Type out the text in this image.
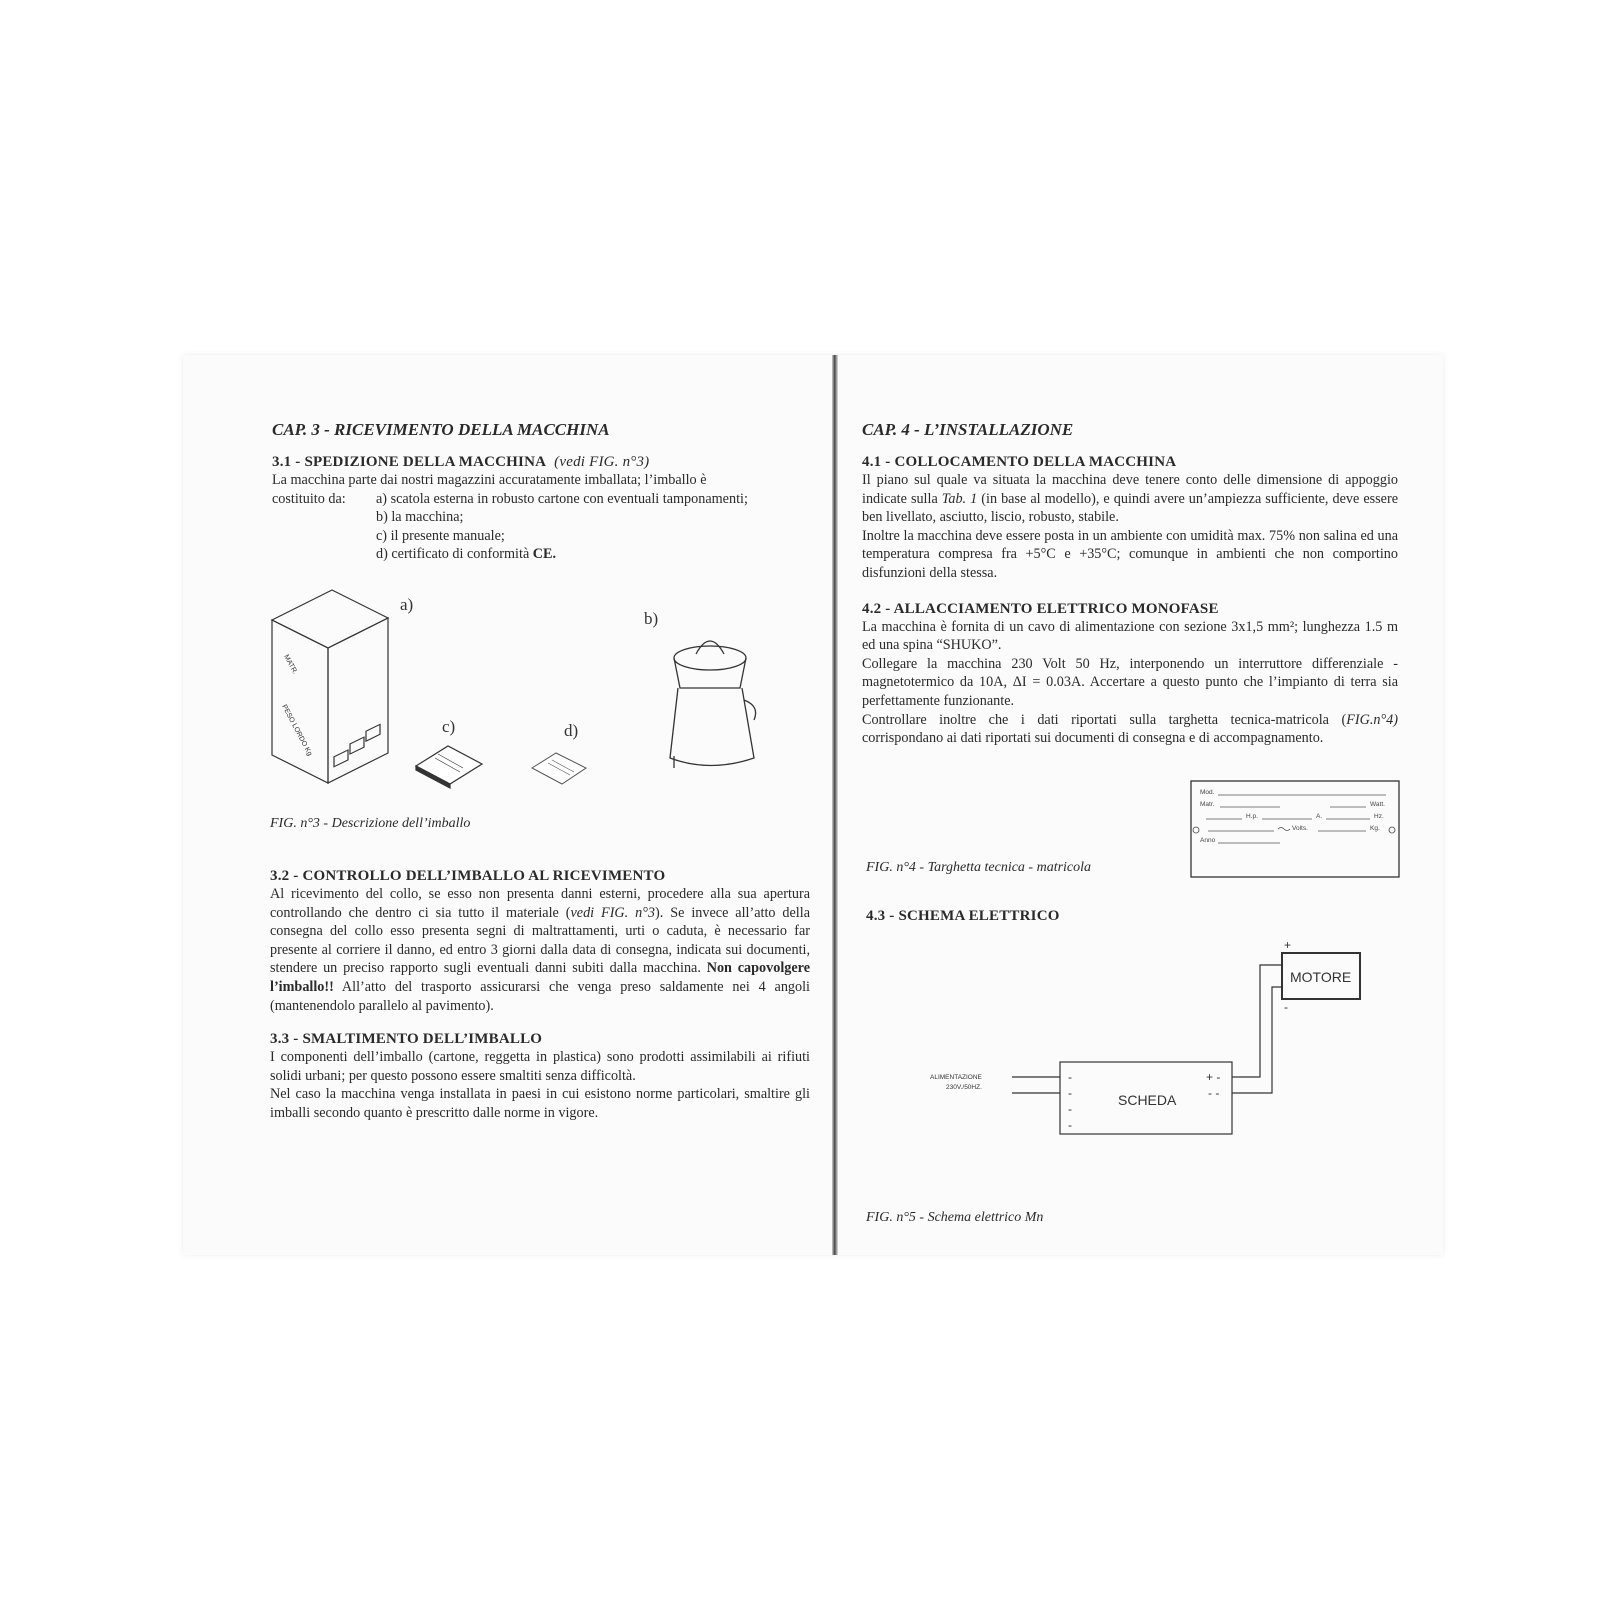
CAP. 3 - RICEVIMENTO DELLA MACCHINA
3.1 - SPEDIZIONE DELLA MACCHINA (vedi FIG. n°3)

La macchina parte dai nostri magazzini accuratamente imballata; l’imballo è

costituito da:	a) scatola esterna in robusto cartone con eventuali tamponamenti;
b) la macchina;
c) il presente manuale;
d) certificato di conformità CE.
MATR.
PESO LORDO Kg
a)
c)	d)
b)
FIG. n°3 - Descrizione dell’imballo
3.2 - CONTROLLO DELL’IMBALLO AL RICEVIMENTO

Al ricevimento del collo, se esso non presenta danni esterni, procedere alla sua apertura controllando che dentro ci sia tutto il materiale (vedi FIG. n°3). Se invece all’atto della consegna del collo esso presenta segni di maltrattamenti, urti o caduta, è necessario far presente al corriere il danno, ed entro 3 giorni dalla data di consegna, indicata sui documenti, stendere un preciso rapporto sugli eventuali danni subiti dalla macchina. Non capovolgere l’imballo!! All’atto del trasporto assicurarsi che venga preso saldamente nei 4 angoli (mantenendolo parallelo al pavimento).

3.3 - SMALTIMENTO DELL’IMBALLO

I componenti dell’imballo (cartone, reggetta in plastica) sono prodotti assimilabili ai rifiuti solidi urbani; per questo possono essere smaltiti senza difficoltà.

Nel caso la macchina venga installata in paesi in cui esistono norme particolari, smaltire gli imballi secondo quanto è prescritto dalle norme in vigore.

CAP. 4 - L’INSTALLAZIONE
4.1 - COLLOCAMENTO DELLA MACCHINA

Il piano sul quale va situata la macchina deve tenere conto delle dimensione di appoggio indicate sulla Tab. 1 (in base al modello), e quindi avere un’ampiezza sufficiente, deve essere ben livellato, asciutto, liscio, robusto, stabile.

Inoltre la macchina deve essere posta in un ambiente con umidità max. 75% non salina ed una temperatura compresa fra +5°C e +35°C; comunque in ambienti che non comportino disfunzioni della stessa.

4.2 - ALLACCIAMENTO ELETTRICO MONOFASE

La macchina è fornita di un cavo di alimentazione con sezione 3x1,5 mm²; lunghezza 1.5 m ed una spina “SHUKO”.

Collegare la macchina 230 Volt 50 Hz, interponendo un interruttore differenziale - magnetotermico da 10A, ΔI = 0.03A. Accertare a questo punto che l’impianto di terra sia perfettamente funzionante.

Controllare inoltre che i dati riportati sulla targhetta tecnica-matricola (FIG.n°4) corrispondano ai dati riportati sui documenti di consegna e di accompagnamento.

Mod.
Matr.	Watt.
H.p.	A.	Hz.
Volts.	Kg.
Anno
FIG. n°4 - Targhetta tecnica - matricola
4.3 - SCHEMA ELETTRICO
MOTORE
SCHEDA
ALIMENTAZIONE
230V./50HZ.
+
-
+ -
- -
-
-
-
-
FIG. n°5 - Schema elettrico Mn
